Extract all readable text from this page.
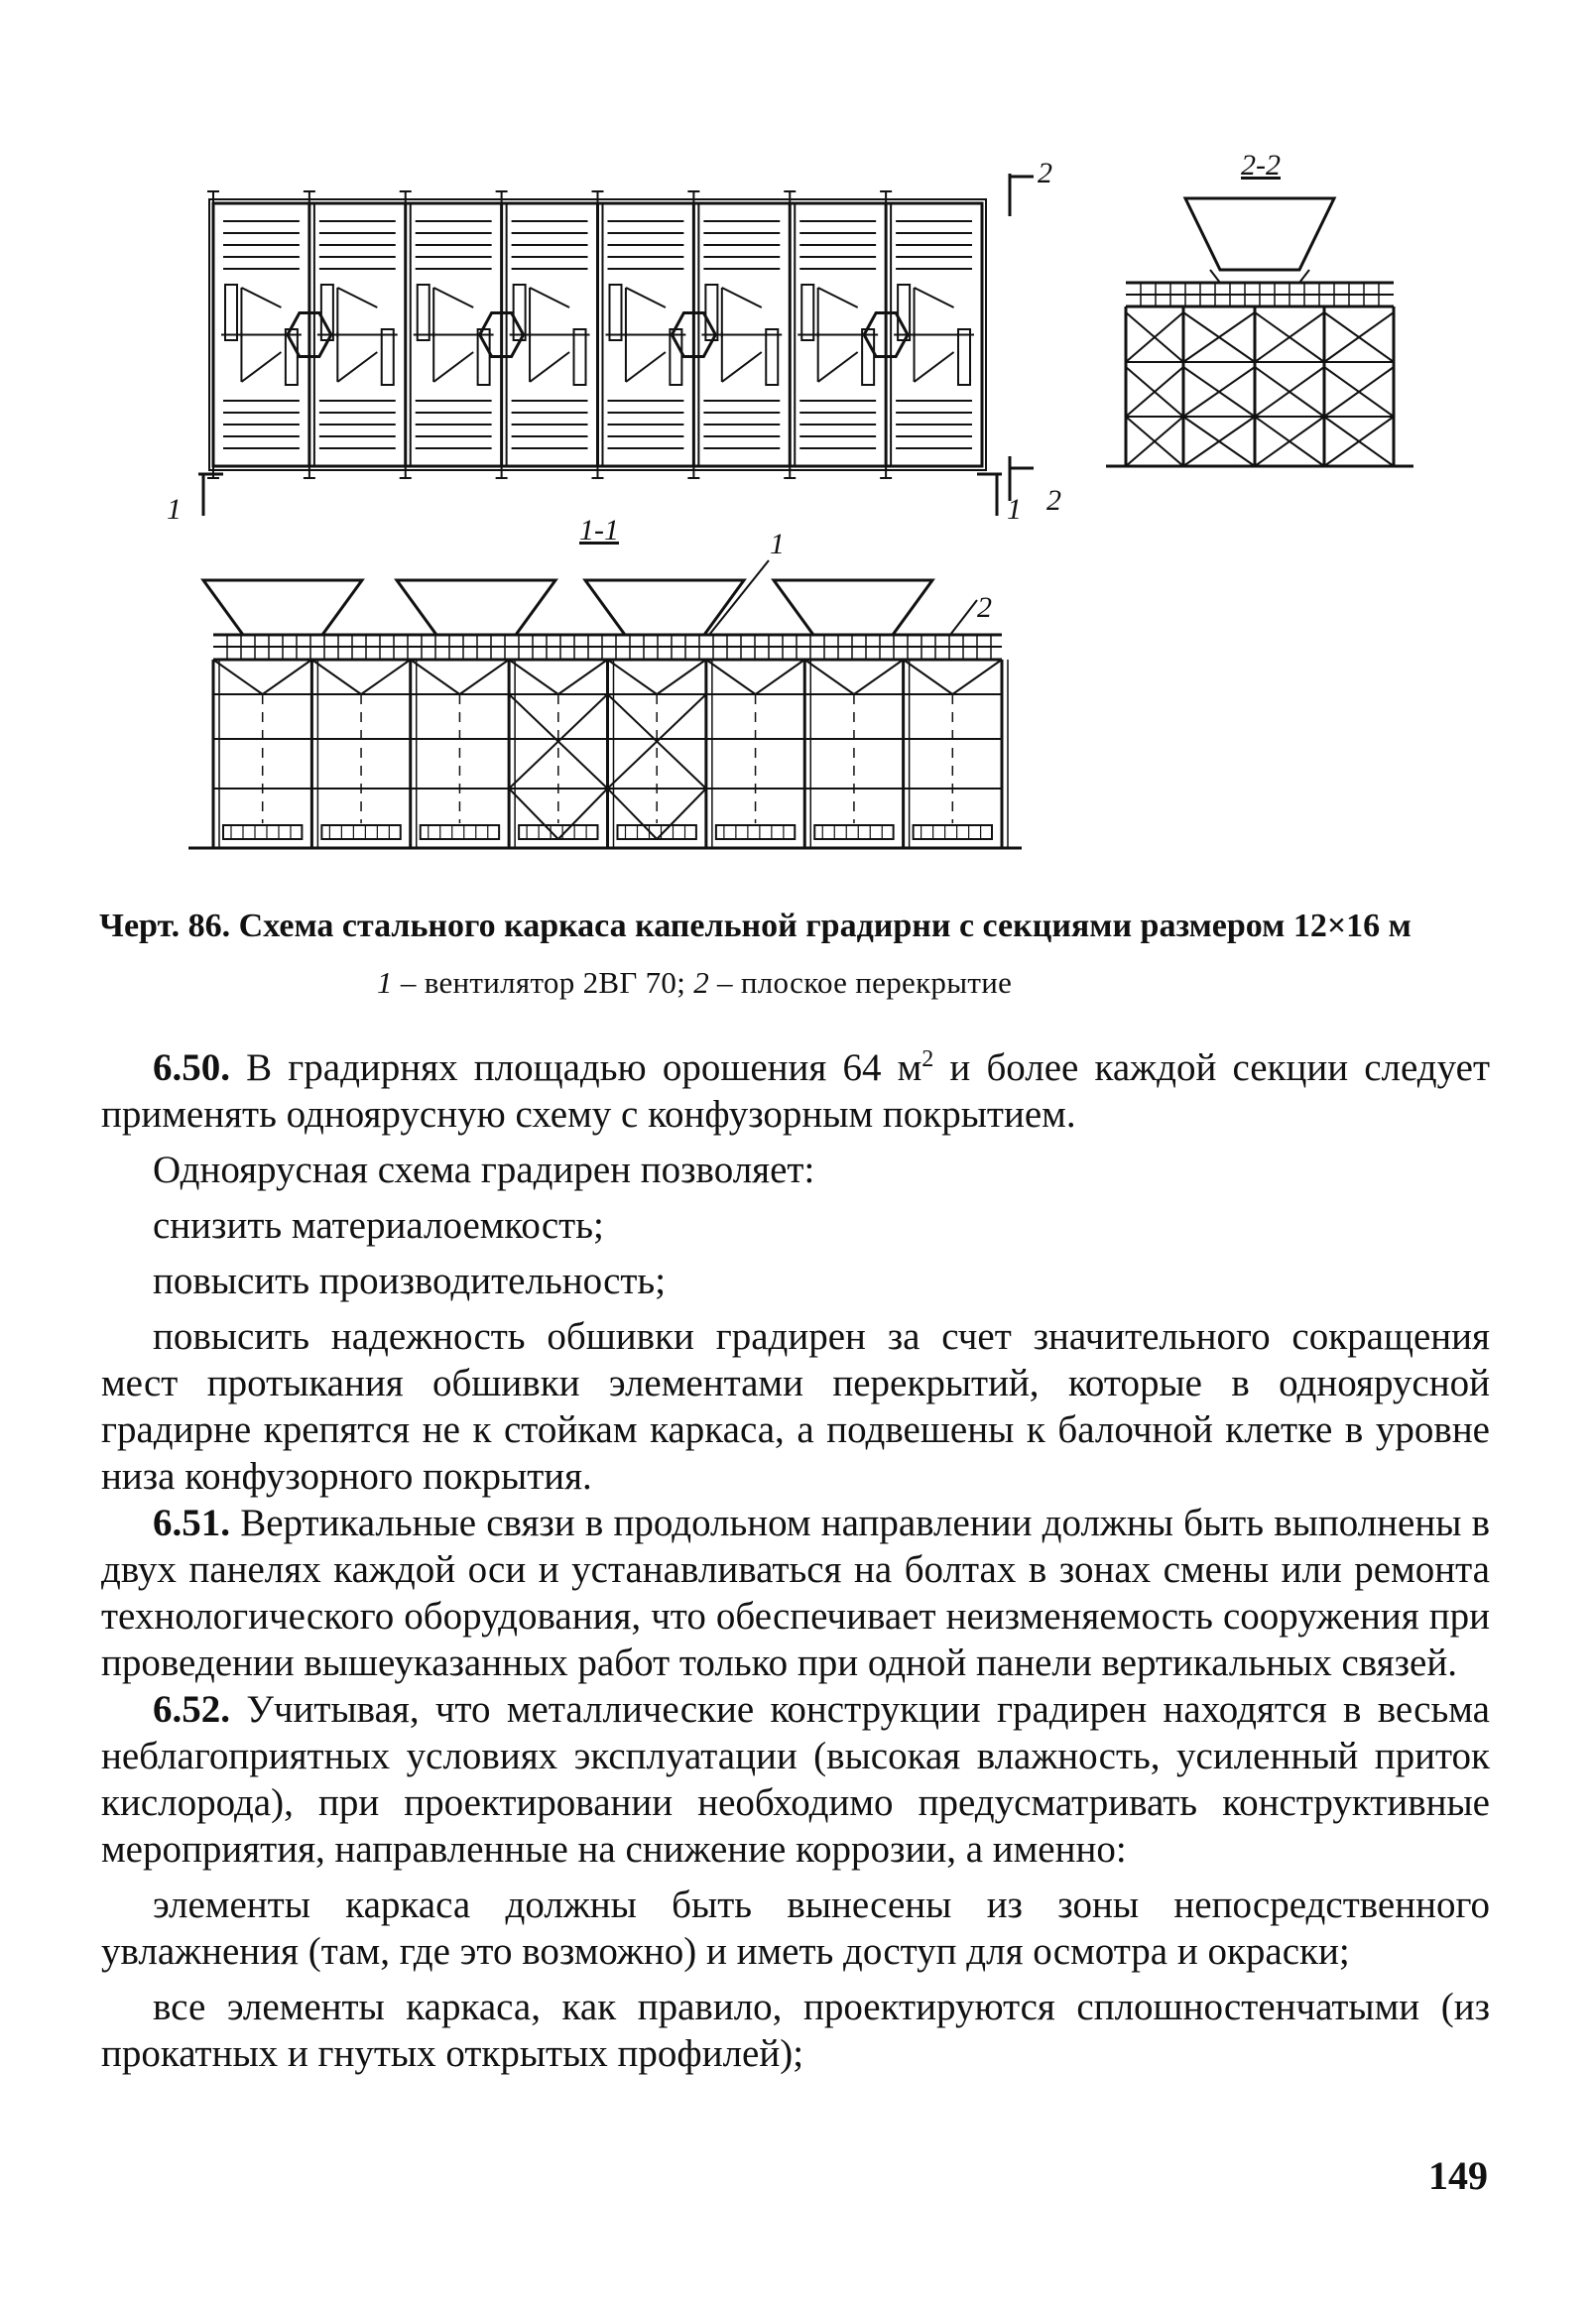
2	2-2
1	1 2
1-1	1
2
Черт. 86. Схема стального каркаса капельной градирни с секциями размером 12×16 м
1 – вентилятор 2ВГ 70; 2 – плоское перекрытие

6.50. В градирнях площадью орошения 64 $м^2$ и более каждой секции следует применять одноярусную схему с конфузорным покрытием.

Одноярусная схема градирен позволяет:

снизить материалоемкость;

повысить производительность;

повысить надежность обшивки градирен за счет значительного сокращения мест протыкания обшивки элементами перекрытий, которые в одноярусной градирне крепятся не к стойкам каркаса, а подвешены к балочной клетке в уровне низа конфузорного покрытия.

6.51. Вертикальные связи в продольном направлении должны быть выполнены в двух панелях каждой оси и устанавливаться на болтах в зонах смены или ремонта технологического оборудования, что обеспечивает неизменяемость сооружения при проведении вышеуказанных работ только при одной панели вертикальных связей.

6.52. Учитывая, что металлические конструкции градирен находятся в весьма неблагоприятных условиях эксплуатации (высокая влажность, усиленный приток кислорода), при проектировании необходимо предусматривать конструктивные мероприятия, направленные на снижение коррозии, а именно:

элементы каркаса должны быть вынесены из зоны непосредственного увлажнения (там, где это возможно) и иметь доступ для осмотра и окраски;

все элементы каркаса, как правило, проектируются сплошностенчатыми (из прокатных и гнутых открытых профилей);

149
